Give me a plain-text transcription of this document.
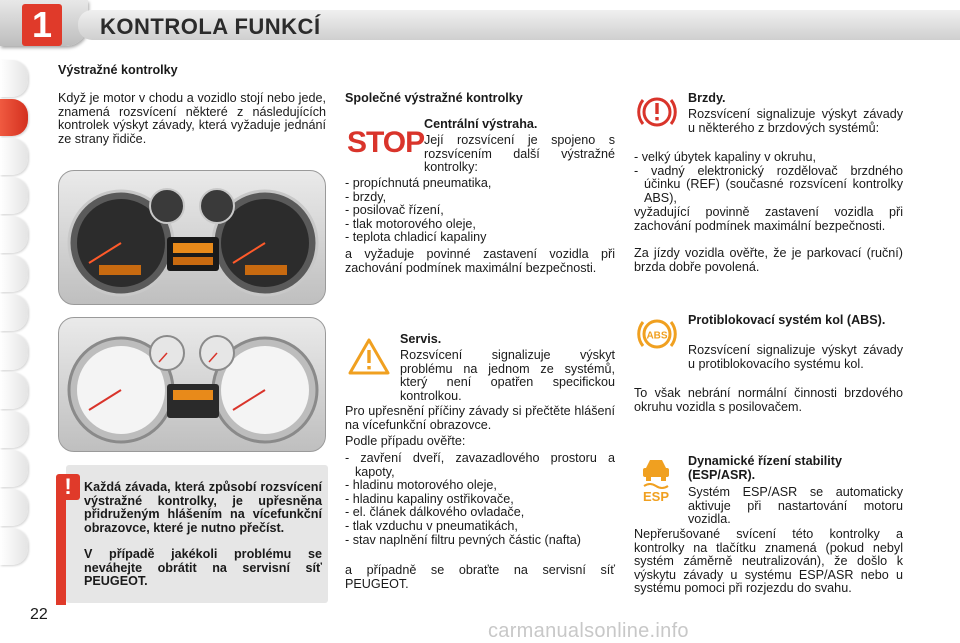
1	KONTROLA FUNKCÍ
Výstražné kontrolky
Když je motor v chodu a vozidlo stojí nebo jede, znamená rozsvícení některé z následujících kontrolek výskyt závady, která vyžaduje jednání ze strany řidiče.
! Každá závada, která způsobí rozsvícení výstražné kontrolky, je upřesněna přidruženým hlášením na vícefunkční obrazovce, které je nutno přečíst.
V případě jakékoli problému se neváhejte obrátit na servisní síť PEUGEOT.
22
Společné výstražné kontrolky
STOP
Centrální výstraha.
Její rozsvícení je spojeno s rozsvícením další výstražné kontrolky:
- propíchnutá pneumatika,
- brzdy,
- posilovač řízení,
- tlak motorového oleje,
- teplota chladicí kapaliny
a vyžaduje povinné zastavení vozidla při zachování podmínek maximální bezpečnosti.
Servis.
Rozsvícení signalizuje výskyt problému na jednom ze systémů, který není opatřen specifickou kontrolkou.
Pro upřesnění příčiny závady si přečtěte hlášení na vícefunkční obrazovce.
Podle případu ověřte:
- zavření dveří, zavazadlového prostoru a kapoty,
- hladinu motorového oleje,
- hladinu kapaliny ostřikovače,
- el. článek dálkového ovladače,
- tlak vzduchu v pneumatikách,
- stav naplnění filtru pevných částic (nafta)
a případně se obraťte na servisní síť PEUGEOT.
Brzdy.
Rozsvícení signalizuje výskyt závady u některého z brzdových systémů:
- velký úbytek kapaliny v okruhu,
- vadný elektronický rozdělovač brzdného účinku (REF) (současné rozsvícení kontrolky ABS),
vyžadující povinně zastavení vozidla při zachování podmínek maximální bezpečnosti.
Za jízdy vozidla ověřte, že je parkovací (ruční) brzda dobře povolená.
ABS
Protiblokovací systém kol (ABS).
Rozsvícení signalizuje výskyt závady u protiblokovacího systému kol.
To však nebrání normální činnosti brzdového okruhu vozidla s posilovačem.
ESP
Dynamické řízení stability (ESP/ASR).
Systém ESP/ASR se automaticky aktivuje při nastartování motoru vozidla.
Nepřerušované svícení této kontrolky a kontrolky na tlačítku znamená (pokud nebyl systém záměrně neutralizován), že došlo k výskytu závady u systému ESP/ASR nebo u systému pomoci při rozjezdu do svahu.
carmanualsonline.info
